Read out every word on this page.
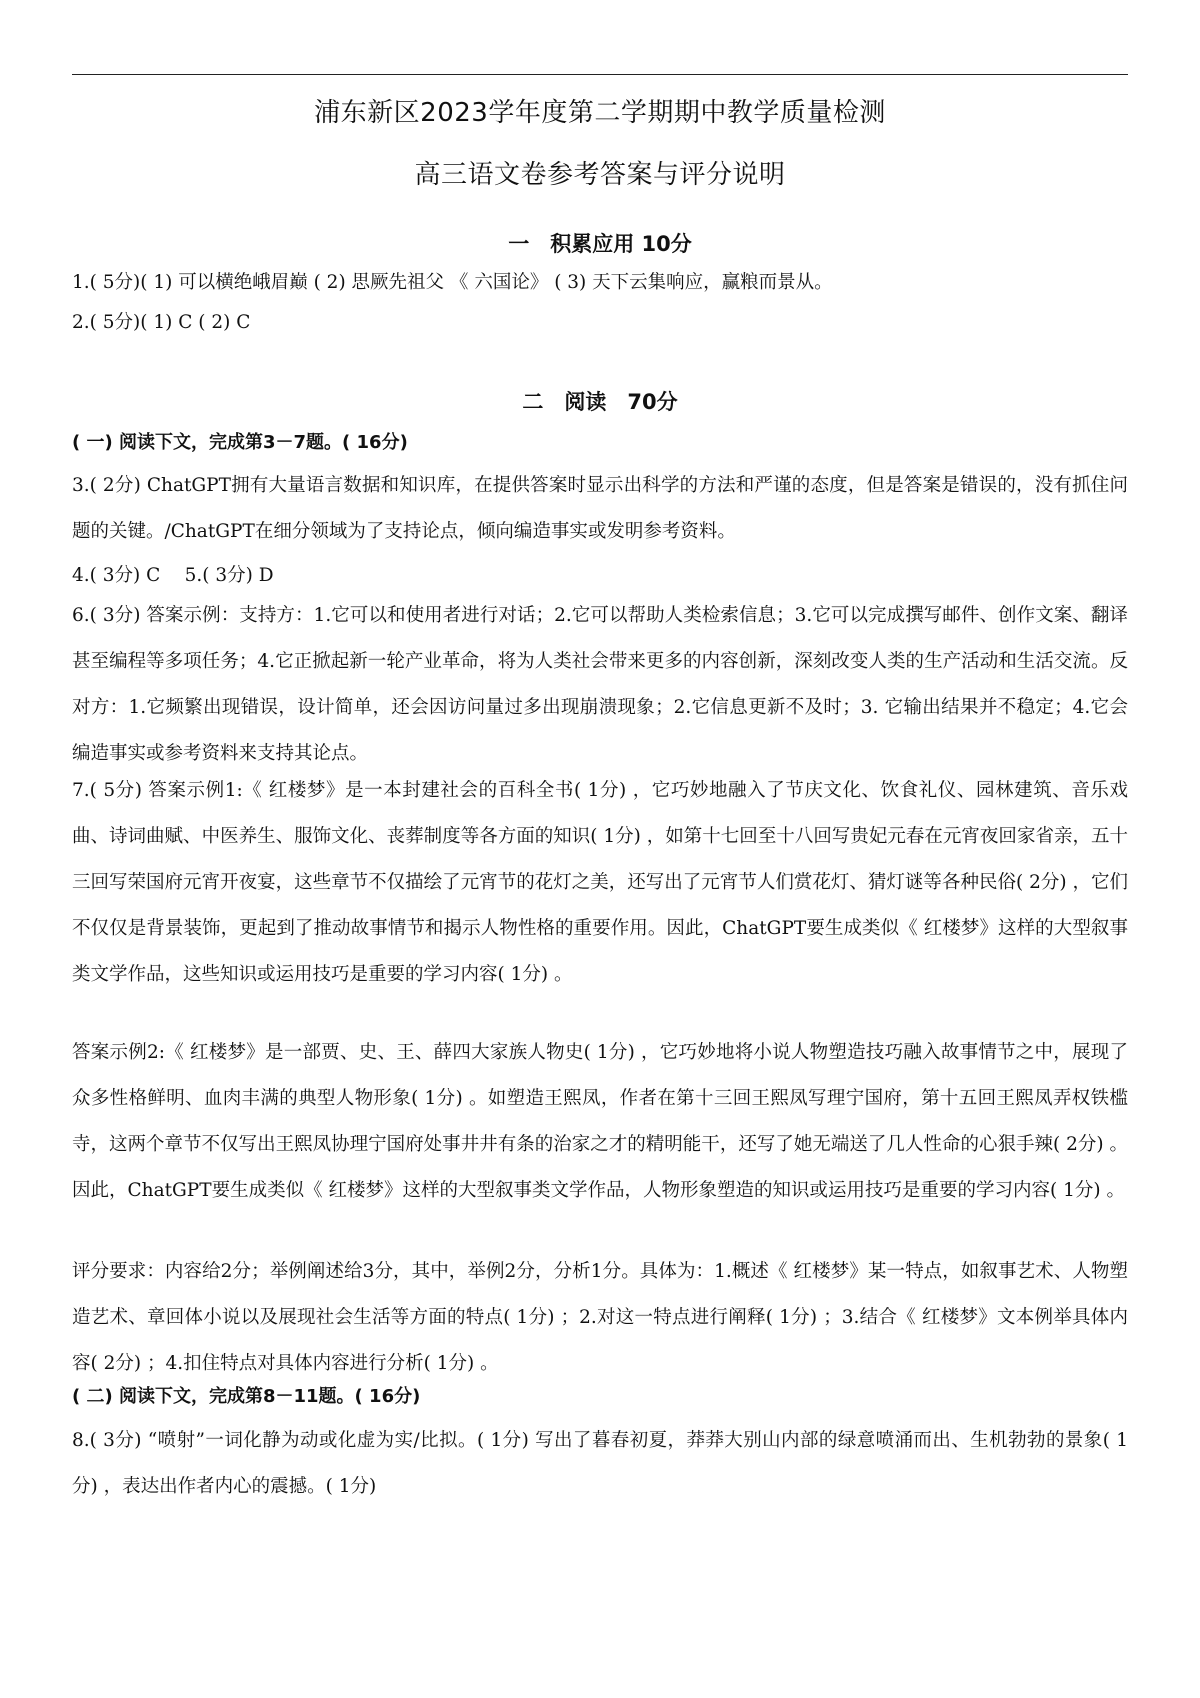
浦东新区2023学年度第二学期期中教学质量检测
高三语文卷参考答案与评分说明
一　积累应用 10分
1.( 5分)( 1) 可以横绝峨眉巅 ( 2) 思厥先祖父 《 六国论》 ( 3) 天下云集响应，赢粮而景从。
2.( 5分)( 1) C ( 2) C
二　阅读　70分
( 一) 阅读下文，完成第3－7题。( 16分)
3.( 2分) ChatGPT拥有大量语言数据和知识库，在提供答案时显示出科学的方法和严谨的态度，但是答案是错误的，没有抓住问题的关键。/ChatGPT在细分领域为了支持论点，倾向编造事实或发明参考资料。
4.( 3分) C　 5.( 3分) D
6.( 3分) 答案示例：支持方：1.它可以和使用者进行对话；2.它可以帮助人类检索信息；3.它可以完成撰写邮件、创作文案、翻译甚至编程等多项任务；4.它正掀起新一轮产业革命，将为人类社会带来更多的内容创新，深刻改变人类的生产活动和生活交流。反对方：1.它频繁出现错误，设计简单，还会因访问量过多出现崩溃现象；2.它信息更新不及时；3. 它输出结果并不稳定；4.它会编造事实或参考资料来支持其论点。
7.( 5分) 答案示例1:《 红楼梦》是一本封建社会的百科全书( 1分) ，它巧妙地融入了节庆文化、饮食礼仪、园林建筑、音乐戏曲、诗词曲赋、中医养生、服饰文化、丧葬制度等各方面的知识( 1分) ，如第十七回至十八回写贵妃元春在元宵夜回家省亲，五十三回写荣国府元宵开夜宴，这些章节不仅描绘了元宵节的花灯之美，还写出了元宵节人们赏花灯、猜灯谜等各种民俗( 2分) ，它们不仅仅是背景装饰，更起到了推动故事情节和揭示人物性格的重要作用。因此，ChatGPT要生成类似《 红楼梦》这样的大型叙事类文学作品，这些知识或运用技巧是重要的学习内容( 1分) 。
答案示例2:《 红楼梦》是一部贾、史、王、薛四大家族人物史( 1分) ，它巧妙地将小说人物塑造技巧融入故事情节之中，展现了众多性格鲜明、血肉丰满的典型人物形象( 1分) 。如塑造王熙凤，作者在第十三回王熙凤写理宁国府，第十五回王熙凤弄权铁槛寺，这两个章节不仅写出王熙凤协理宁国府处事井井有条的治家之才的精明能干，还写了她无端送了几人性命的心狠手辣( 2分) 。因此，ChatGPT要生成类似《 红楼梦》这样的大型叙事类文学作品，人物形象塑造的知识或运用技巧是重要的学习内容( 1分) 。
评分要求：内容给2分；举例阐述给3分，其中，举例2分，分析1分。具体为：1.概述《 红楼梦》某一特点，如叙事艺术、人物塑造艺术、章回体小说以及展现社会生活等方面的特点( 1分) ；2.对这一特点进行阐释( 1分) ；3.结合《 红楼梦》文本例举具体内容( 2分) ；4.扣住特点对具体内容进行分析( 1分) 。
( 二) 阅读下文，完成第8－11题。( 16分)
8.( 3分) “喷射”一词化静为动或化虚为实/比拟。( 1分) 写出了暮春初夏，莽莽大别山内部的绿意喷涌而出、生机勃勃的景象( 1分) ，表达出作者内心的震撼。( 1分)
